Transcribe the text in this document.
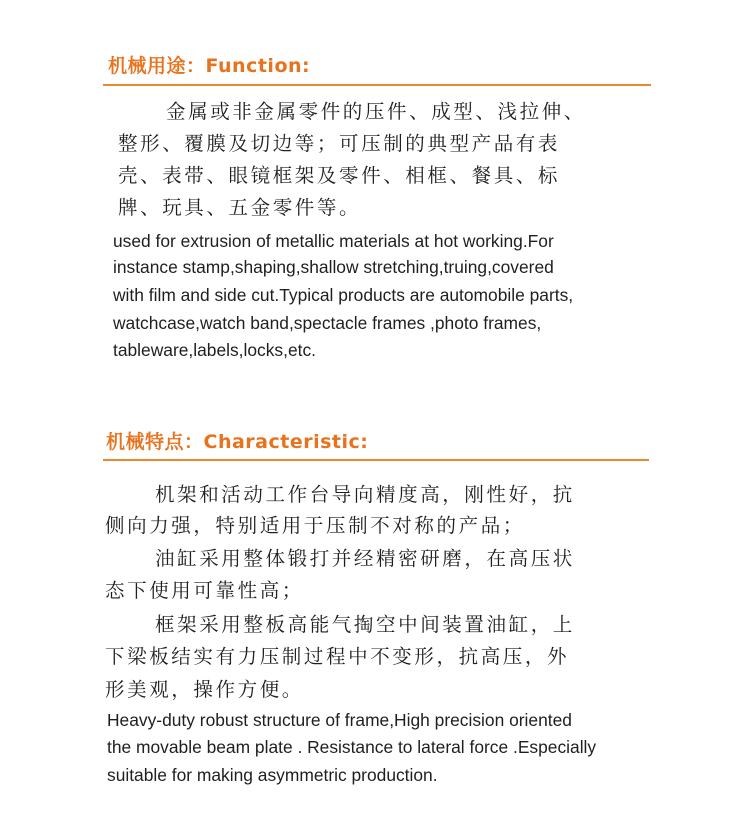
机械用途：Function:
金属或非金属零件的压件、成型、浅拉伸、
整形、覆膜及切边等；可压制的典型产品有表
壳、表带、眼镜框架及零件、相框、餐具、标
牌、玩具、五金零件等。
used for extrusion of metallic materials at hot working.For
instance stamp,shaping,shallow stretching,truing,covered
with film and side cut.Typical products are automobile parts,
watchcase,watch band,spectacle frames ,photo frames,
tableware,labels,locks,etc.
机械特点：Characteristic:
机架和活动工作台导向精度高，刚性好，抗
侧向力强，特别适用于压制不对称的产品；
油缸采用整体锻打并经精密研磨，在高压状
态下使用可靠性高；
框架采用整板高能气掏空中间装置油缸，上
下梁板结实有力压制过程中不变形，抗高压，外
形美观，操作方便。
Heavy-duty robust structure of frame,High precision oriented
the movable beam plate . Resistance to lateral force .Especially
suitable for making asymmetric production.
